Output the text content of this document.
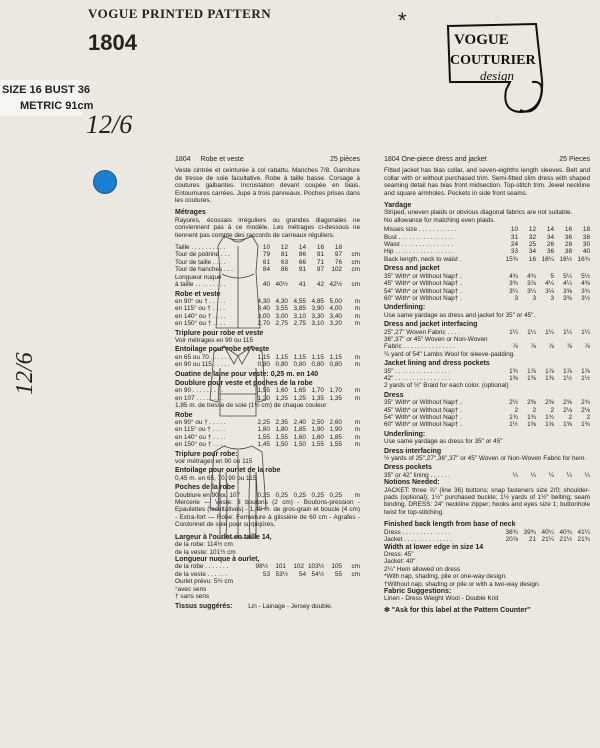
VOGUE PRINTED PATTERN
1804
SIZE 16 BUST 36
METRIC 91cm
12/6
12/6
*
VOGUE
COUTURIER
design
1804 Robe et veste	25 pièces

Veste cintrée et ceinturée à col rabattu. Manches 7/8. Garniture de tresse de soie facultative. Robe à taille basse. Corsage à coutures galbantes. Incrustation devant coupée en biais. Entournures carrées. Jupe à trois panneaux. Poches prises dans les coutures.

Métrages

Rayures, écossais irréguliers ou grandes diagonales ne conviennent pas à ce modèle. Les métrages ci-dessous ne tiennent pas compte des raccords de carreaux réguliers.

Taille . . . . . . . . . .	10	12	14	16	18
Tour de poitrine . . .	79	81	86	91	97	cm
Tour de taille . . . .	61	63	66	71	76	cm
Tour de hanches . . .	84	86	91	97	102	cm
Longueur nuque
à taille . . . . . . . . .	40 40½	41	42 42½	cm
Robe et veste
en 90° ou † . . . . .	4,30 4,30 4,55 4,85 5,00	m
en 115° ou † . . . .	3,40 3,55 3,85 3,90 4,00	m
en 140° ou † . . . .	3,00 3,00 3,10 3,30 3,40	m
en 150° ou † . . . .	2,70 2,75 2,75 3,10 3,20	m
Triplure pour robe et veste
Voir métrages en 90 ou 115
Entoilage pour robe et veste
en 65 ou 70 . . . . . .	1,15 1,15 1,15 1,15 1,15	m
en 90 ou 115 . . . . .	0,80 0,80 0,80 0,80 0,80	m
Ouatine de laine pour veste: 0,25 m. en 140
Doublure pour veste et poches de la robe
en 90 . . . . . . . . .	1,55 1,60 1,65 1,70 1,70	m
en 107 . . . . . . . .	1,20 1,25 1,25 1,35 1,35	m
1,85 m. de tresse de soie (1½ cm) de chaque couleur
Robe
en 90° ou † . . . . .	2,25 2,35 2,40 2,50 2,60	m
en 115° ou † . . . .	1,80 1,80 1,85 1,90 1,90	m
en 140° ou † . . . .	1,55 1,55 1,60 1,60 1,85	m
en 150° ou † . . . .	1,45 1,50 1,50 1,55 1,55	m
Triplure pour robe:
voir métrages en 90 ou 115
Entoilage pour ourlet de la robe
0,45 m. en 65, 70, 90 ou 115
Poches de la robe
Doublure en 90 ou 107	0,25 0,25 0,25 0,25 0,25	m

Mercerie — Veste: 3 boutons (2 cm) - Boutons-pression - Epaulettes (facultatives) - 1,40 m. de gros-grain et boucle (4 cm) - Extra-fort — Robe: Fermeture à glissière de 60 cm - Agrafes - Cordonnet de soie pour surpiqûres.

Largeur à l'ourlet en taille 14,
de la robe: 114½ cm
de la veste: 101½ cm
Longueur nuque à ourlet,
de la robe . . . . . . .	98½	101	102 103½	105	cm
de la veste . . . . . .	53 53½	54 54½	55	cm
Ourlet prévu: 5½ cm
°avec sens
† sans sens
Tissus suggérés: Lin - Lainage - Jersey double.
1804 One-piece dress and jacket	25 Pieces

Fitted jacket has bias collar, and seven-eighths length sleeves. Belt and collar with or without purchased trim. Semi-fitted slim dress with shaped seaming detail has bias front midsection. Top-stitch trim. Jewel neckline and square armholes. Pockets in side front seams.

Yardage
Striped, uneven plaids or obvious diagonal fabrics are not suitable.
No allowance for matching even plaids.
Misses size . . . . . . . . . . .	10	12	14	16	18
Bust . . . . . . . . . . . . . . . .	31	32	34	36	38
Waist . . . . . . . . . . . . . . .	24	25	26	28	30
Hip . . . . . . . . . . . . . . . . .	33	34	36	38	40
Back length, neck to waist .	15¾	16 16¼ 16½ 16¾
Dress and jacket
35" With* or Without Nap† .	4¾	4¾	5	5¼	5½
45" With* or Without Nap† .	3¾	3⅞	4¼	4¼	4⅜
54" With* or Without Nap† .	3¼	3¼	3⅓	3⅝	3¾
60" With* or Without Nap† .	3	3	3	3⅜	3½
Underlining:
Use same yardage as dress and jacket for 35" or 45".
Dress and jacket interfacing
25",27" Woven Fabric . . . .	1¼	1¼	1¼	1¼	1¼
36",37" or 45" Woven or Non-Woven
Fabric . . . . . . . . . . . . . . .	⅞	⅞	⅞	⅞	⅞
¼ yard of 54" Lambs Wool for sleeve-padding.
Jacket lining and dress pockets
35" . . . . . . . . . . . . . . . .	1¾	1⅞	1⅞	1⅞	1⅞
42" . . . . . . . . . . . . . . . .	1⅜	1⅜	1⅜	1½	1½
2 yards of ½" Braid for each color. (optional)
Dress
35" With* or Without Nap† .	2½	2⅝	2⅝	2⅝	2¾
45" With* or Without Nap† .	2	2	2	2⅛	2⅛
54" With* or Without Nap† .	1¾	1¾	1¾	2	2
60" With* or Without Nap† .	1½	1⅝	1⅝	1⅝	1¾
Underlining:
Use same yardage as dress for 35" or 45"
Dress interfacing
½ yards of 25",27",36",37" or 45" Woven or Non-Woven Fabric for hem.
Dress pockets
35" or 42" lining . . . . . .	¼	¼	¼	¼	¼
Notions Needed:

JACKET: three ⅞" (line 36) buttons; snap fasteners size 2/0; shoulder-pads (optional); 1½" purchased buckle; 1½ yards of 1½" belting; seam binding. DRESS: 24" neckline zipper; hooks and eyes size 1; buttonhole twist for top-stitching.

Finished back length from base of neck
Dress . . . . . . . . . . . . . .	38¾ 39¾ 40¼ 40¾ 41¼
Jacket . . . . . . . . . . . . . .	20⅞	21 21¼ 21½ 21¾
Width at lower edge in size 14
Dress: 45"
Jacket: 40"
2¼" Hem allowed on dress
*With nap, shading, pile or one-way design.
†Without nap, shading or pile or with a two-way design.
Fabric Suggestions:
Linen - Dress Weight Wool - Double Knit
✻ "Ask for this label at the Pattern Counter"
